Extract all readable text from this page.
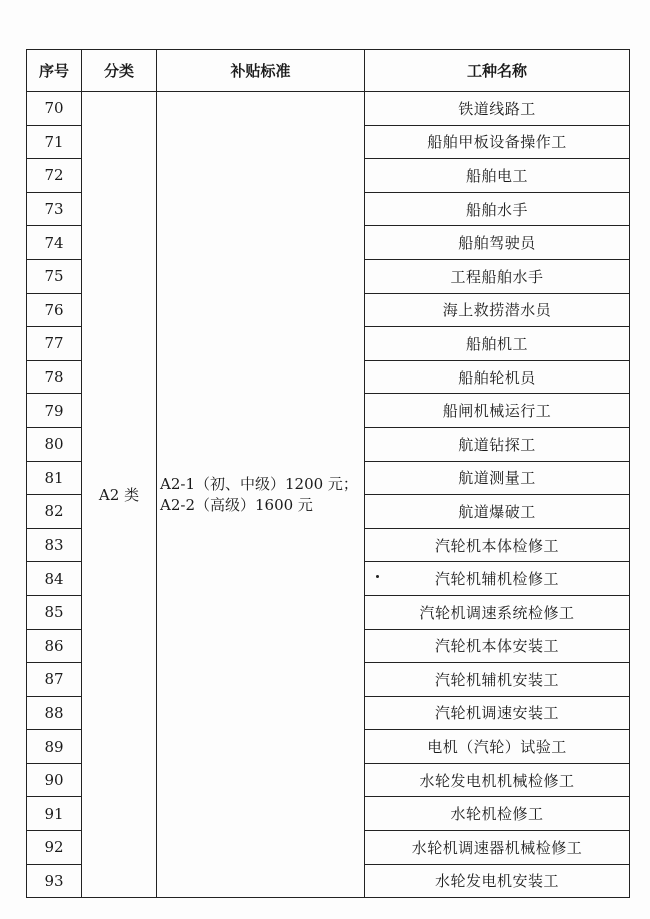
序号	分类	补贴标准	工种名称
70	A2 类	A2-1（初、中级）1200 元；
A2-2（高级）1600 元	铁道线路工
71			船舶甲板设备操作工
72			船舶电工
73			船舶水手
74			船舶驾驶员
75			工程船舶水手
76			海上救捞潜水员
77			船舶机工
78			船舶轮机员
79			船闸机械运行工
80			航道钻探工
81			航道测量工
82			航道爆破工
83			汽轮机本体检修工
84			汽轮机辅机检修工
85			汽轮机调速系统检修工
86			汽轮机本体安装工
87			汽轮机辅机安装工
88			汽轮机调速安装工
89			电机（汽轮）试验工
90			水轮发电机机械检修工
91			水轮机检修工
92			水轮机调速器机械检修工
93			水轮发电机安装工
